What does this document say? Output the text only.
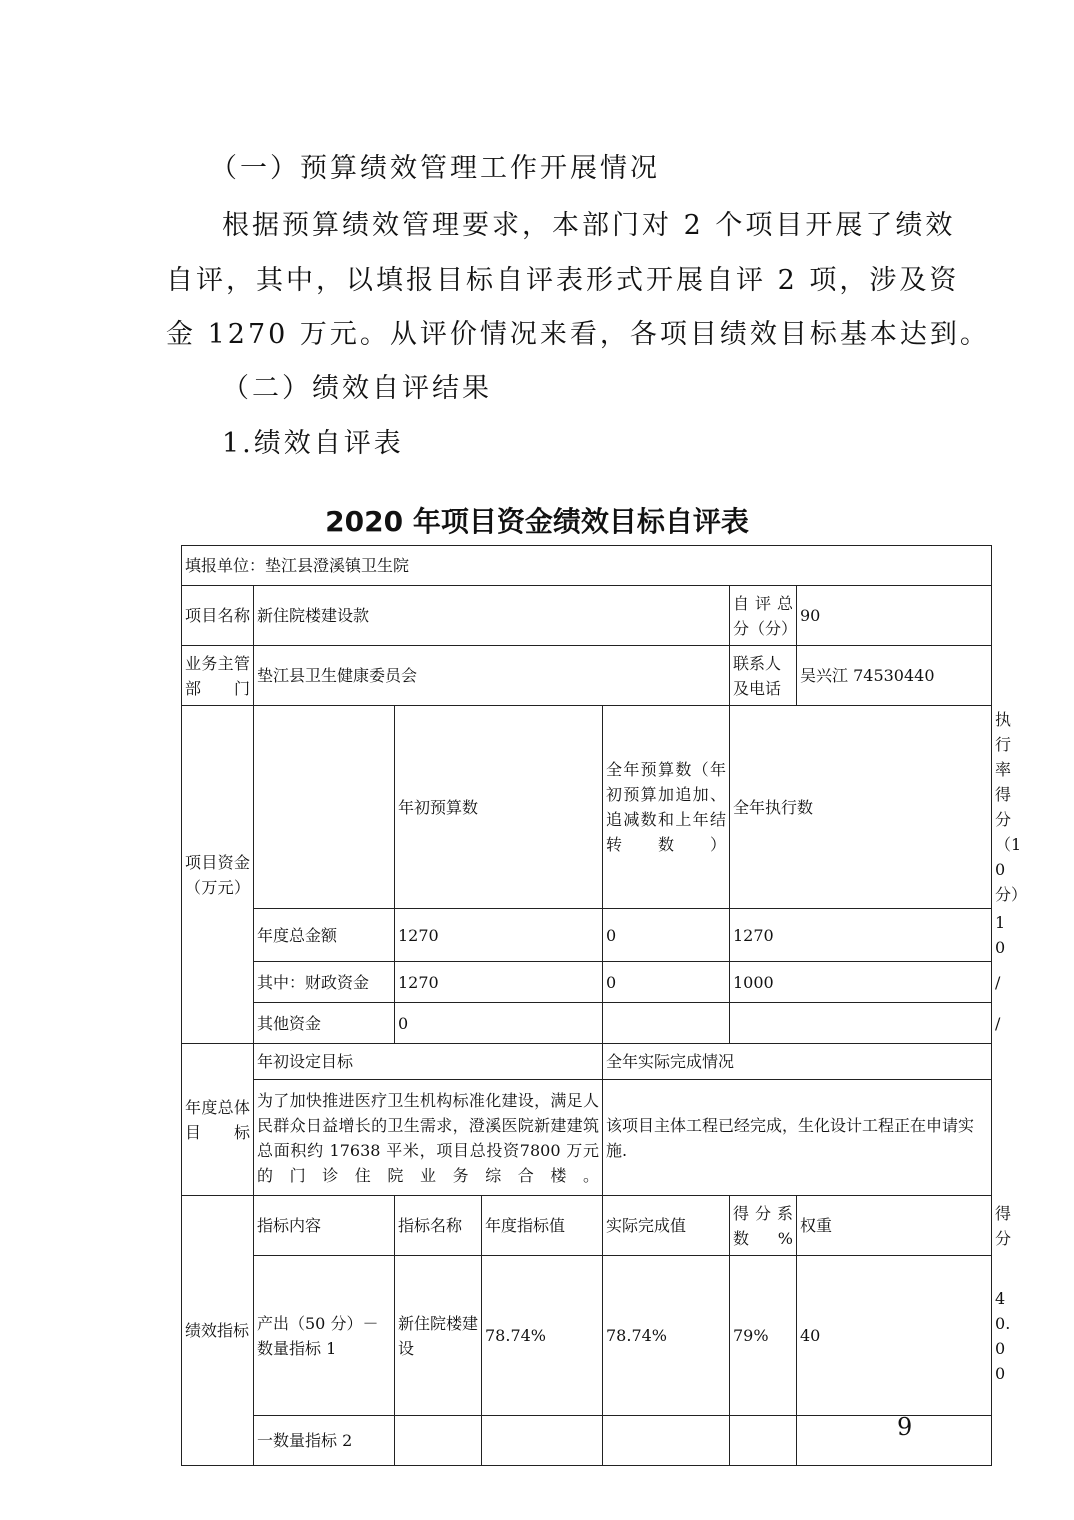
（一）预算绩效管理工作开展情况
根据预算绩效管理要求，本部门对 2 个项目开展了绩效
自评，其中，以填报目标自评表形式开展自评 2 项，涉及资
金 1270 万元。从评价情况来看，各项目绩效目标基本达到。
（二）绩效自评结果
1.绩效自评表
2020 年项目资金绩效目标自评表
填报单位：垫江县澄溪镇卫生院							
项目名称	新住院楼建设款				自评总分（分）	90	
业务主管部门	垫江县卫生健康委员会				联系人及电话	吴兴江 74530440	
项目资金（万元）		年初预算数		全年预算数（年初预算加追加、追减数和上年结转数）	全年执行数		执行率得分（10 分）
	年度总金额	1270		0	1270		10
	其中：财政资金	1270		0	1000		/
	其他资金	0					/
年度总体目标	年初设定目标			全年实际完成情况			
	为了加快推进医疗卫生机构标准化建设，满足人民群众日益增长的卫生需求，澄溪医院新建建筑总面积约 17638 平米，项目总投资7800 万元的门诊住院业务综合楼。			该项目主体工程已经完成，生化设计工程正在申请实施.			
绩效指标	指标内容	指标名称	年度指标值	实际完成值	得分系数%	权重	得分
	产出（50 分）－数量指标 1	新住院楼建设	78.74%	78.74%	79%	40	40.00
	一数量指标 2							9
